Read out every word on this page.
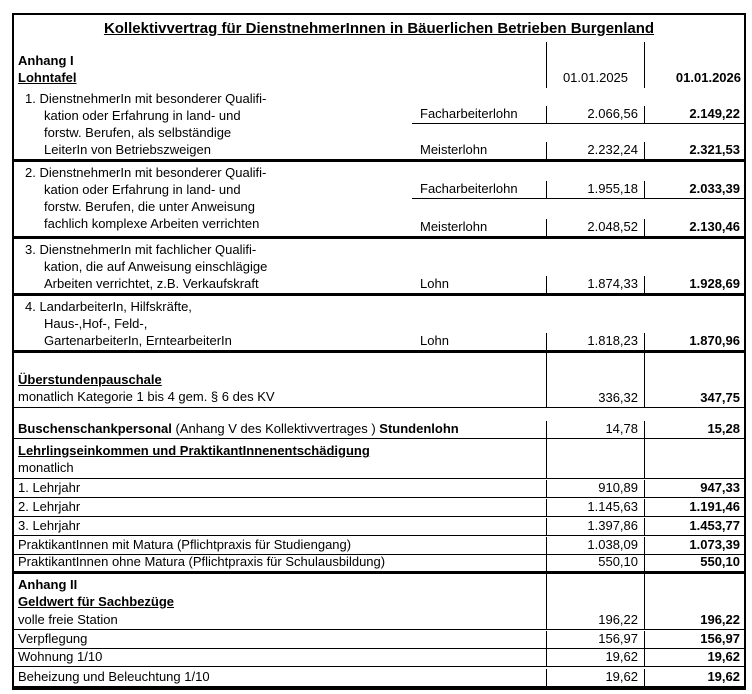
Kollektivvertrag für DienstnehmerInnen in Bäuerlichen Betrieben Burgenland
Anhang I
Lohntafel	01.01.2025	01.01.2026
1. DienstnehmerIn mit besonderer Qualifi-
kation oder Erfahrung in land- und
forstw. Berufen, als selbständige
LeiterIn von Betriebszweigen
Facharbeiterlohn	2.066,56	2.149,22
Meisterlohn	2.232,24	2.321,53
2. DienstnehmerIn mit besonderer Qualifi-
kation oder Erfahrung in land- und
forstw. Berufen, die unter Anweisung
fachlich komplexe Arbeiten verrichten
Facharbeiterlohn	1.955,18	2.033,39
Meisterlohn	2.048,52	2.130,46
3. DienstnehmerIn mit fachlicher Qualifi-
kation, die auf Anweisung einschlägige
Arbeiten verrichtet, z.B. Verkaufskraft	Lohn	1.874,33	1.928,69
4. LandarbeiterIn, Hilfskräfte,
Haus-,Hof-, Feld-,
GartenarbeiterIn, ErntearbeiterIn	Lohn	1.818,23	1.870,96
Überstundenpauschale
monatlich Kategorie 1 bis 4 gem. § 6 des KV	336,32	347,75
Buschenschankpersonal (Anhang V des Kollektivvertrages ) Stundenlohn	14,78	15,28
Lehrlingseinkommen und PraktikantInnenentschädigung
monatlich
1. Lehrjahr	910,89	947,33
2. Lehrjahr	1.145,63	1.191,46
3. Lehrjahr	1.397,86	1.453,77
PraktikantInnen mit Matura (Pflichtpraxis für Studiengang)	1.038,09	1.073,39
PraktikantInnen ohne Matura (Pflichtpraxis für Schulausbildung)	550,10	550,10
Anhang II
Geldwert für Sachbezüge
volle freie Station	196,22	196,22
Verpflegung	156,97	156,97
Wohnung 1/10	19,62	19,62
Beheizung und Beleuchtung 1/10	19,62	19,62
